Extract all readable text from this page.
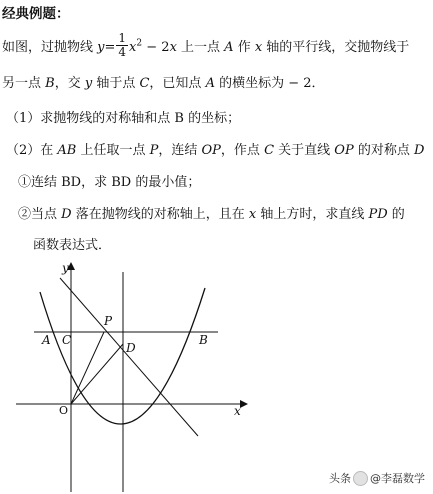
经典例题：
如图，过抛物线 $y= \frac{1}{4} x^2 - 2x$ 上一点 A 作 x 轴的平行线，交抛物线于
另一点 B，交 y 轴于点 C，已知点 A 的横坐标为 − 2．
（1）求抛物线的对称轴和点 B 的坐标；
（2）在 AB 上任取一点 P，连结 OP，作点 C 关于直线 OP 的对称点 D
①连结 BD，求 BD 的最小值；
②当点 D 落在抛物线的对称轴上，且在 x 轴上方时，求直线 PD 的
函数表达式．
y
x
O
A C
P
D
B
头条 @李磊数学
